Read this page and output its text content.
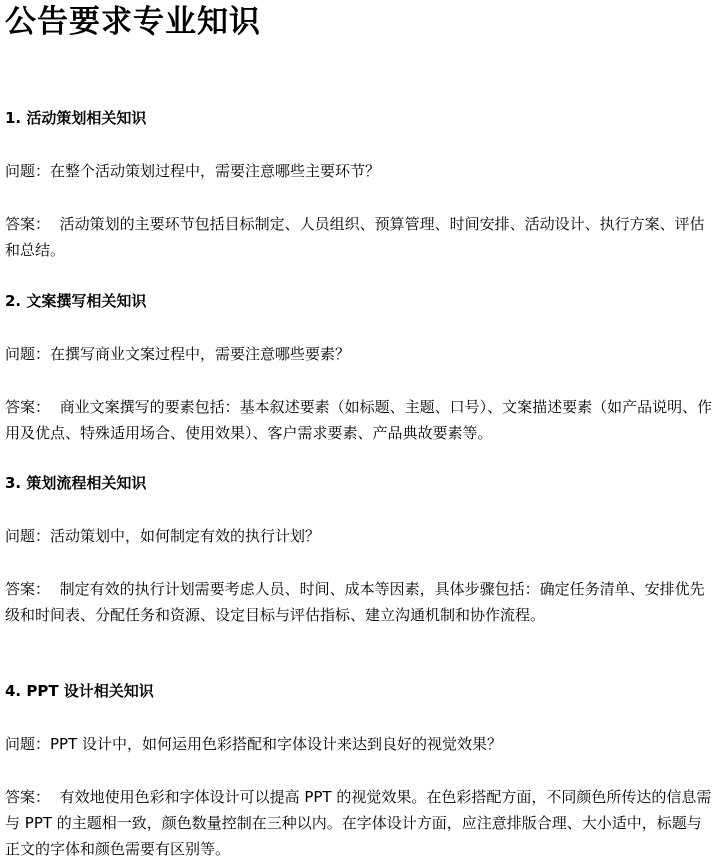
公告要求专业知识
1. 活动策划相关知识

问题：在整个活动策划过程中，需要注意哪些主要环节？

答案： 活动策划的主要环节包括目标制定、人员组织、预算管理、时间安排、活动设计、执行方案、评估和总结。

2. 文案撰写相关知识

问题：在撰写商业文案过程中，需要注意哪些要素？

答案： 商业文案撰写的要素包括：基本叙述要素（如标题、主题、口号）、文案描述要素（如产品说明、作用及优点、特殊适用场合、使用效果）、客户需求要素、产品典故要素等。

3. 策划流程相关知识

问题：活动策划中，如何制定有效的执行计划？

答案： 制定有效的执行计划需要考虑人员、时间、成本等因素，具体步骤包括：确定任务清单、安排优先级和时间表、分配任务和资源、设定目标与评估指标、建立沟通机制和协作流程。

4. PPT 设计相关知识

问题：PPT 设计中，如何运用色彩搭配和字体设计来达到良好的视觉效果？

答案： 有效地使用色彩和字体设计可以提高 PPT 的视觉效果。在色彩搭配方面，不同颜色所传达的信息需与 PPT 的主题相一致，颜色数量控制在三种以内。在字体设计方面，应注意排版合理、大小适中，标题与正文的字体和颜色需要有区别等。
